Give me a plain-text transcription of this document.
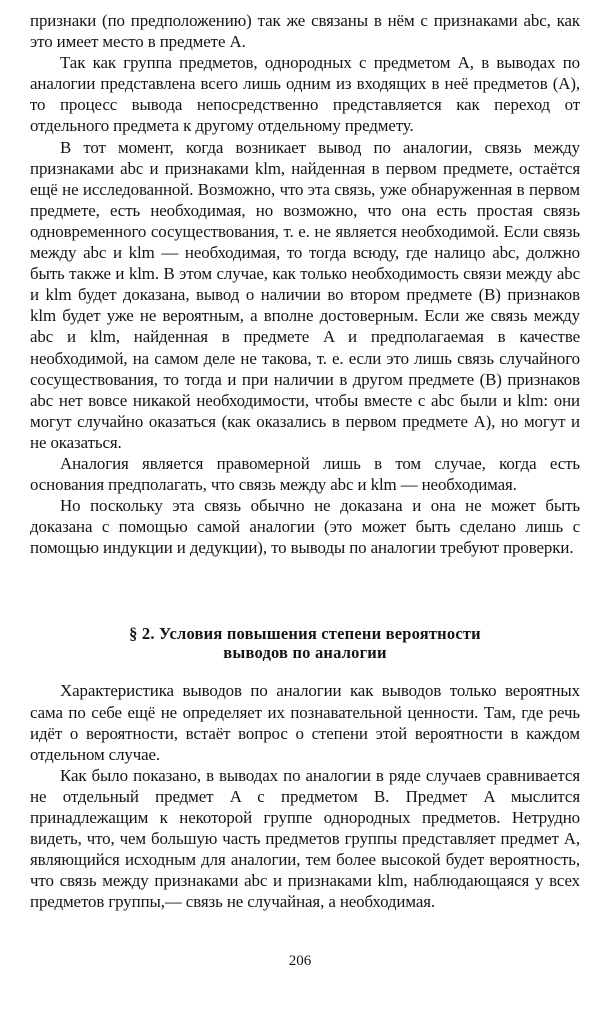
признаки (по предположению) так же связаны в нём с признаками abc, как это имеет место в предмете A.

Так как группа предметов, однородных с предметом A, в выводах по аналогии представлена всего лишь одним из входящих в неё предметов (A), то процесс вывода непосредственно представляется как переход от отдельного предмета к другому отдельному предмету.

В тот момент, когда возникает вывод по аналогии, связь между признаками abc и признаками klm, найденная в первом предмете, остаётся ещё не исследованной. Возможно, что эта связь, уже обнаруженная в первом предмете, есть необходимая, но возможно, что она есть простая связь одновременного сосуществования, т. е. не является необходимой. Если связь между abc и klm — необходимая, то тогда всюду, где налицо abc, должно быть также и klm. В этом случае, как только необходимость связи между abc и klm будет доказана, вывод о наличии во втором предмете (B) признаков klm будет уже не вероятным, а вполне достоверным. Если же связь между abc и klm, найденная в предмете A и предполагаемая в качестве необходимой, на самом деле не такова, т. е. если это лишь связь случайного сосуществования, то тогда и при наличии в другом предмете (B) признаков abc нет вовсе никакой необходимости, чтобы вместе с abc были и klm: они могут случайно оказаться (как оказались в первом предмете A), но могут и не оказаться.

Аналогия является правомерной лишь в том случае, когда есть основания предполагать, что связь между abc и klm — необходимая.

Но поскольку эта связь обычно не доказана и она не может быть доказана с помощью самой аналогии (это может быть сделано лишь с помощью индукции и дедукции), то выводы по аналогии требуют проверки.

§ 2. Условия повышения степени вероятности
выводов по аналогии

Характеристика выводов по аналогии как выводов только вероятных сама по себе ещё не определяет их познавательной ценности. Там, где речь идёт о вероятности, встаёт вопрос о степени этой вероятности в каждом отдельном случае.

Как было показано, в выводах по аналогии в ряде случаев сравнивается не отдельный предмет A с предметом B. Предмет A мыслится принадлежащим к некоторой группе однородных предметов. Нетрудно видеть, что, чем большую часть предметов группы представляет предмет A, являющийся исходным для аналогии, тем более высокой будет вероятность, что связь между признаками abc и признаками klm, наблюдающаяся у всех предметов группы,— связь не случайная, а необходимая.

206
